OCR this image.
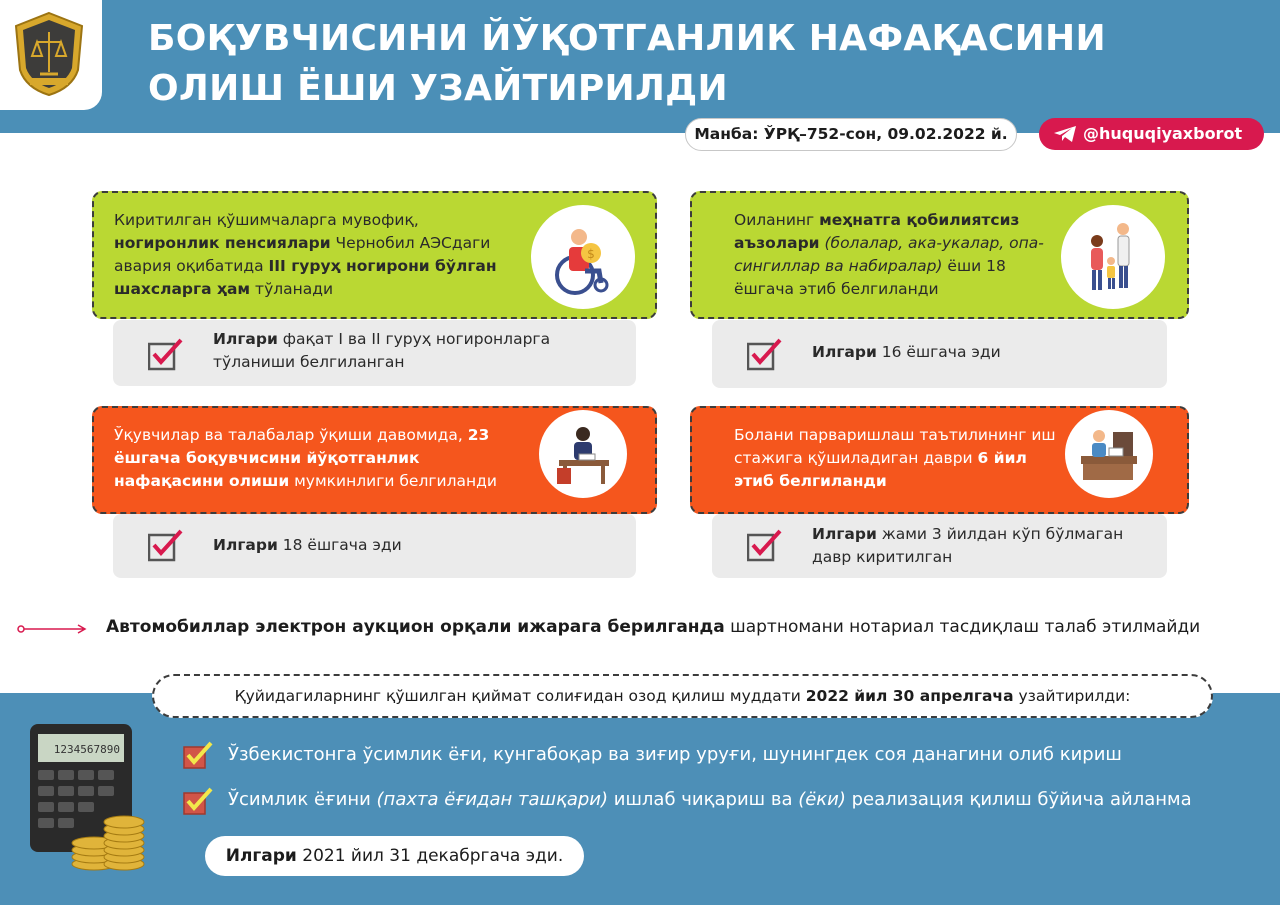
БОҚУВЧИСИНИ ЙЎҚОТГАНЛИК НАФАҚАСИНИ
ОЛИШ ЁШИ УЗАЙТИРИЛДИ
Манба: ЎРҚ–752-сон, 09.02.2022 й.	@huquqiyaxborot
Киритилган қўшимчаларга мувофиқ, ногиронлик пенсиялари Чернобил АЭСдаги авария оқибатида III гуруҳ ногирони бўлган шахсларга ҳам тўланади
$
Илгари фақат I ва II гуруҳ ногиронларга тўланиши белгиланган
Оиланинг меҳнатга қобилиятсиз аъзолари (болалар, ака-укалар, опа-сингиллар ва набиралар) ёши 18 ёшгача этиб белгиланди
Илгари 16 ёшгача эди
Ўқувчилар ва талабалар ўқиши давомида, 23 ёшгача боқувчисини йўқотганлик нафақасини олиши мумкинлиги белгиланди
Илгари 18 ёшгача эди
Болани парваришлаш таътилининг иш стажига қўшиладиган даври 6 йил этиб белгиланди
Илгари жами 3 йилдан кўп бўлмаган давр киритилган
Автомобиллар электрон аукцион орқали ижарага берилганда шартномани нотариал тасдиқлаш талаб этилмайди
Қуйидагиларнинг қўшилган қиймат солиғидан озод қилиш муддати 2022 йил 30 апрелгача узайтирилди:
1234567890	Ўзбекистонга ўсимлик ёғи, кунгабоқар ва зиғир уруғи, шунингдек соя данагини олиб кириш
Ўсимлик ёғини (пахта ёғидан ташқари) ишлаб чиқариш ва (ёки) реализация қилиш бўйича айланма
Илгари 2021 йил 31 декабргача эди.
